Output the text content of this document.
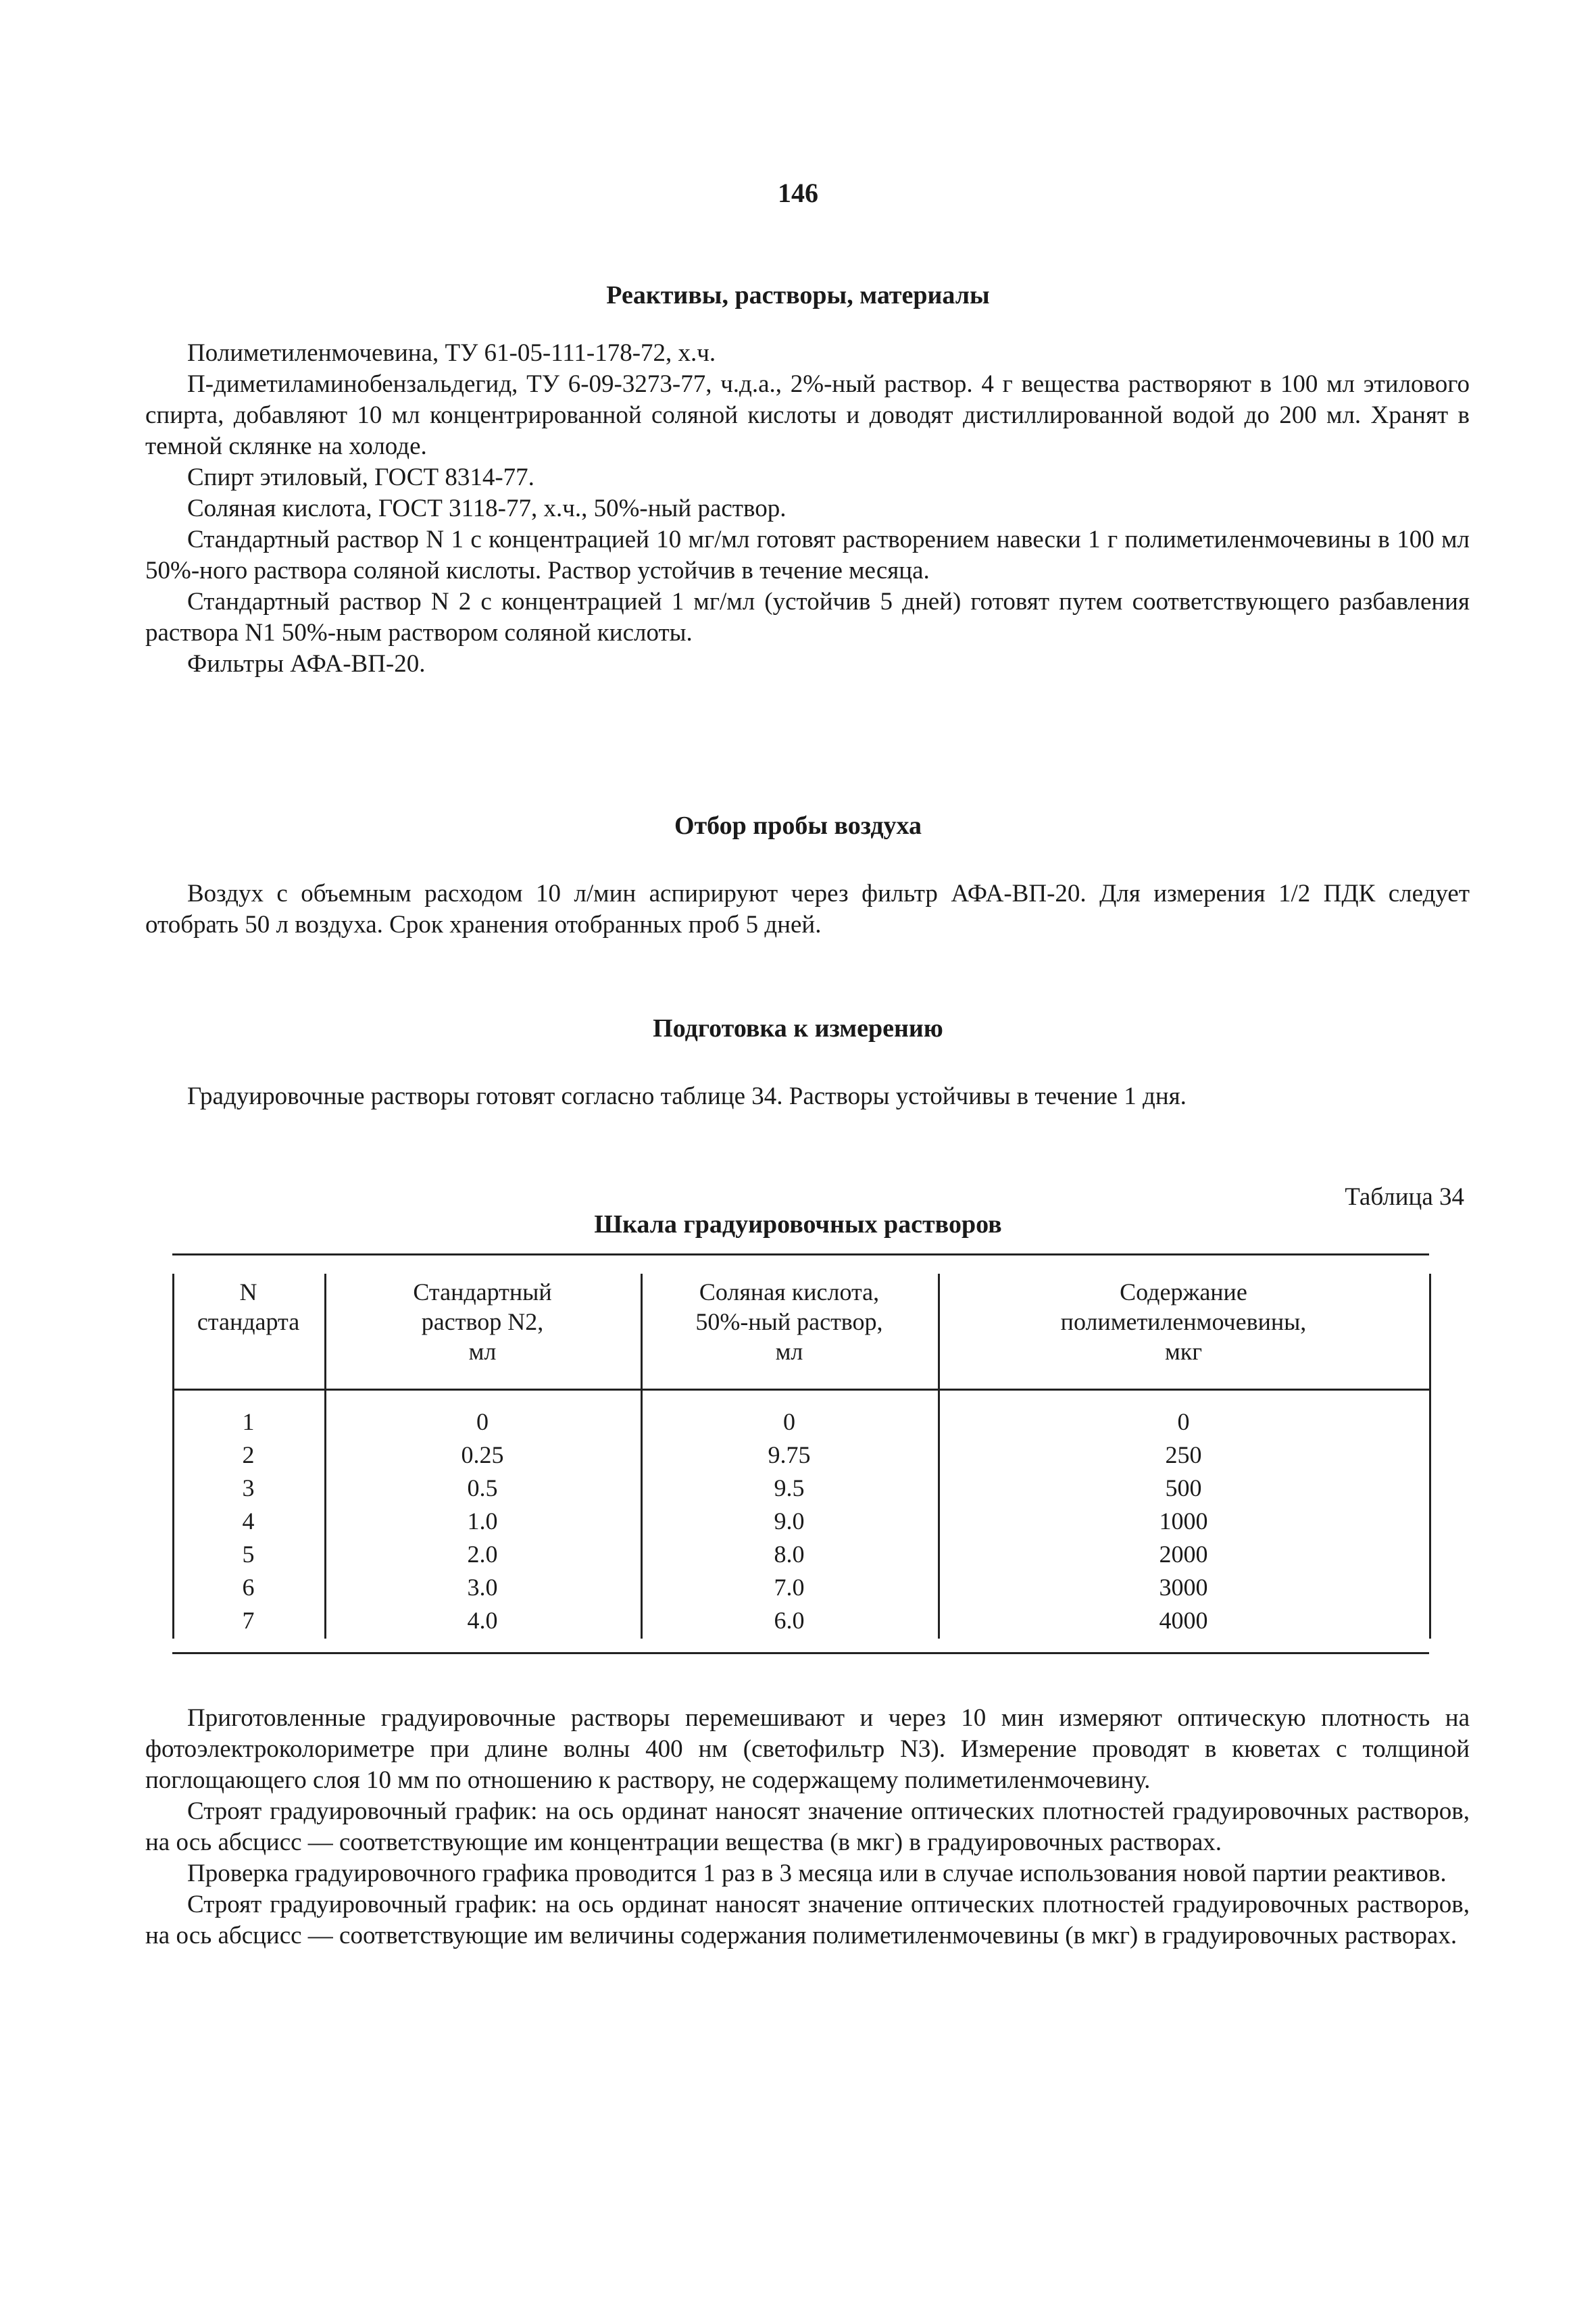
146
Реактивы, растворы, материалы

Полиметиленмочевина, ТУ 61-05-111-178-72, х.ч.

П-диметиламинобензальдегид, ТУ 6-09-3273-77, ч.д.а., 2%-ный раствор. 4 г вещества растворяют в 100 мл этилового спирта, добавляют 10 мл концентрированной соляной кислоты и доводят дистиллированной водой до 200 мл. Хранят в темной склянке на холоде.

Спирт этиловый, ГОСТ 8314-77.

Соляная кислота, ГОСТ 3118-77, х.ч., 50%-ный раствор.

Стандартный раствор N 1 с концентрацией 10 мг/мл готовят растворением навески 1 г полиметиленмочевины в 100 мл 50%-ного раствора соляной кислоты. Раствор устойчив в течение месяца.

Стандартный раствор N 2 с концентрацией 1 мг/мл (устойчив 5 дней) готовят путем соответствующего разбавления раствора N1 50%-ным раствором соляной кислоты.

Фильтры АФА-ВП-20.

Отбор пробы воздуха

Воздух с объемным расходом 10 л/мин аспирируют через фильтр АФА-ВП-20. Для измерения 1/2 ПДК следует отобрать 50 л воздуха. Срок хранения отобранных проб 5 дней.

Подготовка к измерению

Градуировочные растворы готовят согласно таблице 34. Растворы устойчивы в течение 1 дня.

Таблица 34
Шкала градуировочных растворов
N
стандарта
Стандартный
раствор N2,
мл
Соляная кислота,
50%-ный раствор,
мл
Содержание
полиметиленмочевины,
мкг
1
2
3
4
5
6
7
0
0.25
0.5
1.0
2.0
3.0
4.0
0
9.75
9.5
9.0
8.0
7.0
6.0
0
250
500
1000
2000
3000
4000

Приготовленные градуировочные растворы перемешивают и через 10 мин измеряют оптическую плотность на фотоэлектроколориметре при длине волны 400 нм (светофильтр N3). Измерение проводят в кюветах с толщиной поглощающего слоя 10 мм по отношению к раствору, не содержащему полиметиленмочевину.

Строят градуировочный график: на ось ординат наносят значение оптических плотностей градуировочных растворов, на ось абсцисс — соответствующие им концентрации вещества (в мкг) в градуировочных растворах.

Проверка градуировочного графика проводится 1 раз в 3 месяца или в случае использования новой партии реактивов.

Строят градуировочный график: на ось ординат наносят значение оптических плотностей градуировочных растворов, на ось абсцисс — соответствующие им величины содержания полиметиленмочевины (в мкг) в градуировочных растворах.
